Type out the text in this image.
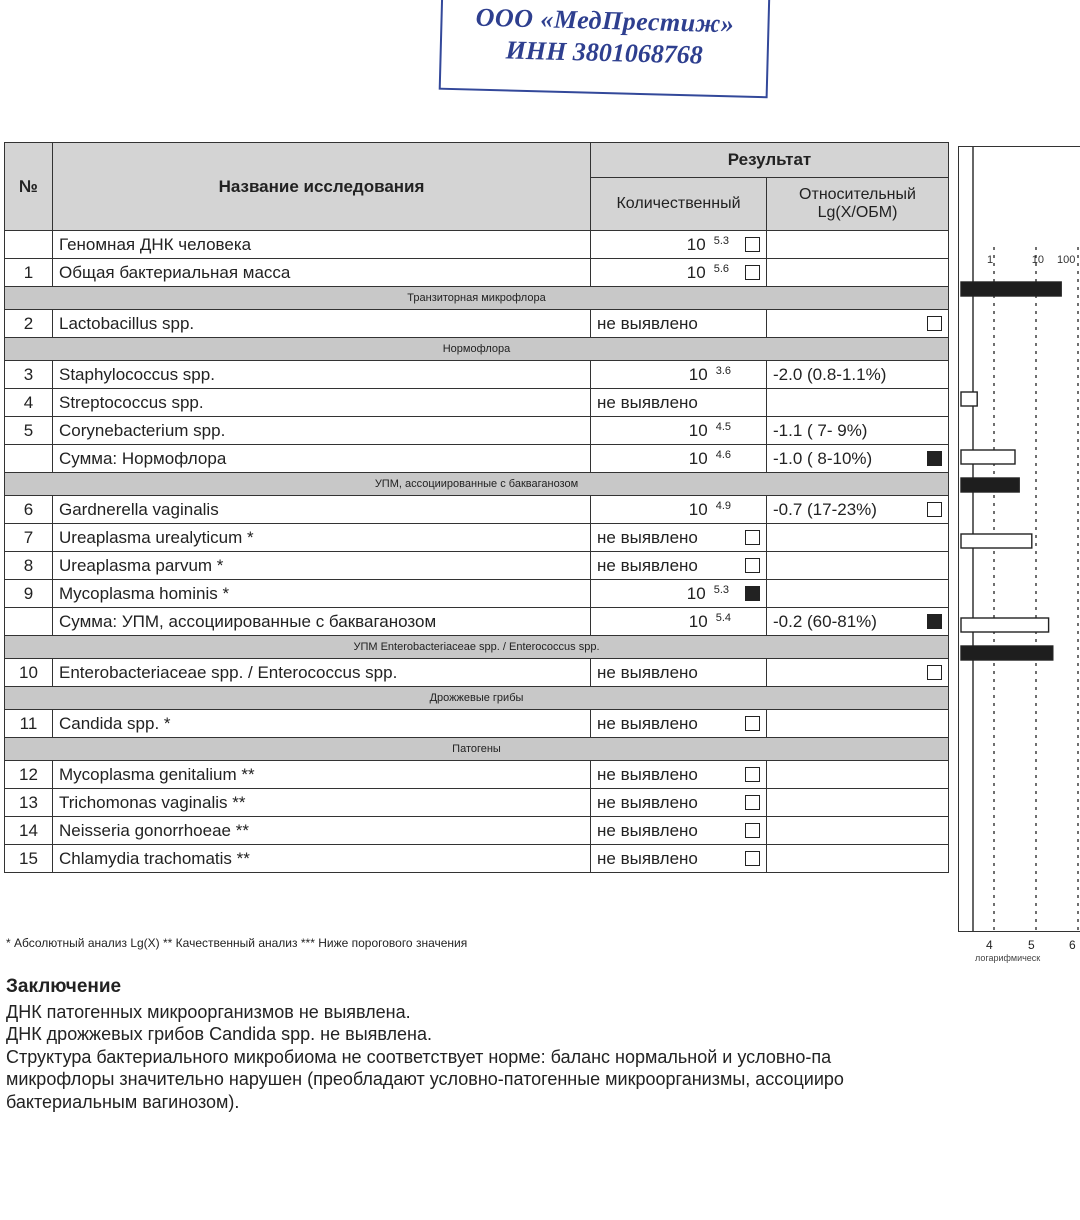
ООО «МедПрестиж»
ИНН 3801068768
№	Название исследования	Результат	
		Количественный	Относительный
Lg(X/ОБМ)

	Геномная ДНК человека	10 $^{5.3}$

1	Общая бактериальная масса	10 $^{5.6}$

Транзиторная микрофлора			
2	Lactobacillus spp.	не выявлено	

Нормофлора			
3	Staphylococcus spp.	10 $^{3.6}$	-2.0 (0.8-1.1%)

4	Streptococcus spp.	не выявлено	

5	Corynebacterium spp.	10 $^{4.5}$	-1.1 ( 7- 9%)

	Сумма: Нормофлора	10 $^{4.6}$	-1.0 ( 8-10%)

УПМ, ассоциированные с бакваганозом			
6	Gardnerella vaginalis	10 $^{4.9}$	-0.7 (17-23%)

7	Ureaplasma urealyticum *	не выявлено	

8	Ureaplasma parvum *	не выявлено	

9	Mycoplasma hominis *	10 $^{5.3}$

	Сумма: УПМ, ассоциированные с бакваганозом	10 $^{5.4}$	-0.2 (60-81%)

УПМ Enterobacteriaceae spp. / Enterococcus spp.			
10	Enterobacteriaceae spp. / Enterococcus spp.	не выявлено	

Дрожжевые грибы			
11	Candida spp. *	не выявлено	

Патогены			
12	Mycoplasma genitalium **	не выявлено	

13	Trichomonas vaginalis **	не выявлено	

14	Neisseria gonorrhoeae **	не выявлено	

15	Chlamydia trachomatis **	не выявлено	

1	10 100
* Абсолютный анализ Lg(X) ** Качественный анализ *** Ниже порогового значения	4	5	6
логарифмическ
Заключение
ДНК патогенных микроорганизмов не выявлена.
ДНК дрожжевых грибов Candida spp. не выявлена.
Структура бактериального микробиома не соответствует норме: баланс нормальной и условно-па
микрофлоры значительно нарушен (преобладают условно-патогенные микроорганизмы, ассоцииро
бактериальным вагинозом).
